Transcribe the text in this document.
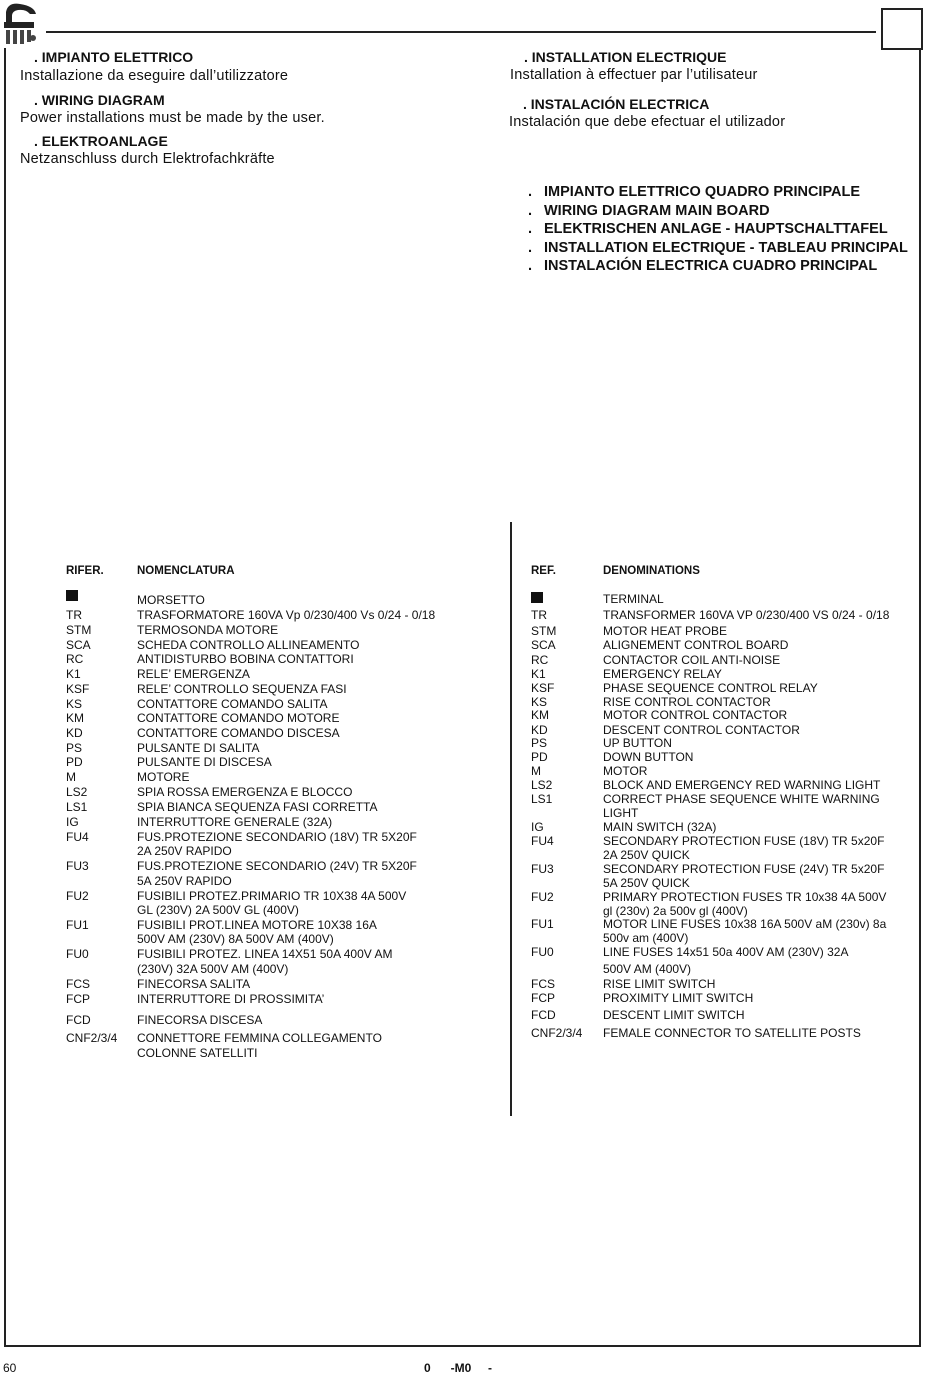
. IMPIANTO ELETTRICO
Installazione da eseguire dall’utilizzatore
. WIRING DIAGRAM
Power installations must be made by the user.
. ELEKTROANLAGE
Netzanschluss durch Elektrofachkräfte
. INSTALLATION ELECTRIQUE
Installation à effectuer par l’utilisateur
. INSTALACIÓN ELECTRICA
Instalación que debe efectuar el utilizador
. IMPIANTO ELETTRICO QUADRO PRINCIPALE
. WIRING DIAGRAM MAIN BOARD
. ELEKTRISCHEN ANLAGE - HAUPTSCHALTTAFEL
. INSTALLATION ELECTRIQUE - TABLEAU PRINCIPAL
. INSTALACIÓN ELECTRICA CUADRO PRINCIPAL
RIFER.	NOMENCLATURA	REF.	DENOMINATIONS
MORSETTO
TR	TRASFORMATORE 160VA Vp 0/230/400 Vs 0/24 - 0/18
STM	TERMOSONDA MOTORE
SCA	SCHEDA CONTROLLO ALLINEAMENTO
RC	ANTIDISTURBO BOBINA CONTATTORI
K1	RELE’ EMERGENZA
KSF	RELE’ CONTROLLO SEQUENZA FASI
KS	CONTATTORE COMANDO SALITA
KM	CONTATTORE COMANDO MOTORE
KD	CONTATTORE COMANDO DISCESA
PS	PULSANTE DI SALITA
PD	PULSANTE DI DISCESA
M	MOTORE
LS2	SPIA ROSSA EMERGENZA E BLOCCO
LS1	SPIA BIANCA SEQUENZA FASI CORRETTA
IG	INTERRUTTORE GENERALE (32A)
FU4	FUS.PROTEZIONE SECONDARIO (18V) TR 5X20F
2A 250V RAPIDO
FU3	FUS.PROTEZIONE SECONDARIO (24V) TR 5X20F
5A 250V RAPIDO
FU2	FUSIBILI PROTEZ.PRIMARIO TR 10X38 4A 500V
GL (230V) 2A 500V GL (400V)
FU1	FUSIBILI PROT.LINEA MOTORE 10X38 16A
500V AM (230V) 8A 500V AM (400V)
FU0	FUSIBILI PROTEZ. LINEA 14X51 50A 400V AM
(230V) 32A 500V AM (400V)
FCS	FINECORSA SALITA
FCP	INTERRUTTORE DI PROSSIMITA’
FCD	FINECORSA DISCESA
CNF2/3/4 CONNETTORE FEMMINA COLLEGAMENTO
COLONNE SATELLITI
TERMINAL
TR	TRANSFORMER 160VA VP 0/230/400 VS 0/24 - 0/18
STM	MOTOR HEAT PROBE
SCA	ALIGNEMENT CONTROL BOARD
RC	CONTACTOR COIL ANTI-NOISE
K1	EMERGENCY RELAY
KSF	PHASE SEQUENCE CONTROL RELAY
KS	RISE CONTROL CONTACTOR
KM	MOTOR CONTROL CONTACTOR
KD	DESCENT CONTROL CONTACTOR
PS	UP BUTTON
PD	DOWN BUTTON
M	MOTOR
LS2	BLOCK AND EMERGENCY RED WARNING LIGHT
LS1	CORRECT PHASE SEQUENCE WHITE WARNING
LIGHT
IG	MAIN SWITCH (32A)
FU4	SECONDARY PROTECTION FUSE (18V) TR 5x20F
2A 250V QUICK
FU3	SECONDARY PROTECTION FUSE (24V) TR 5x20F
5A 250V QUICK
FU2	PRIMARY PROTECTION FUSES TR 10x38 4A 500V
gl (230v) 2a 500v gl (400V)
FU1	MOTOR LINE FUSES 10x38 16A 500V aM (230v) 8a
500v am (400V)
FU0	LINE FUSES 14x51 50a 400V AM (230V) 32A
500V AM (400V)
FCS	RISE LIMIT SWITCH
FCP	PROXIMITY LIMIT SWITCH
FCD	DESCENT LIMIT SWITCH
CNF2/3/4 FEMALE CONNECTOR TO SATELLITE POSTS
60	0      -M0     -
